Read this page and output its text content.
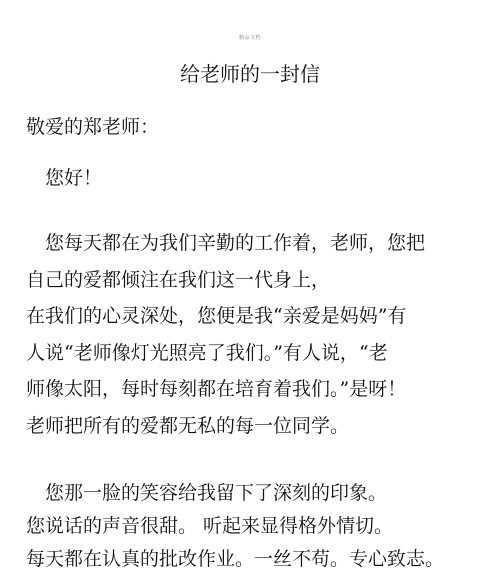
精品文档
给老师的一封信
敬爱的郑老师：
您好！
您每天都在为我们辛勤的工作着，老师，您把
自己的爱都倾注在我们这一代身上，
在我们的心灵深处，您便是我“亲爱是妈妈”有
人说“老师像灯光照亮了我们。”有人说，“老
师像太阳，每时每刻都在培育着我们。”是呀！
老师把所有的爱都无私的每一位同学。
您那一脸的笑容给我留下了深刻的印象。
您说话的声音很甜。 听起来显得格外情切。
每天都在认真的批改作业。一丝不苟。专心致志。
